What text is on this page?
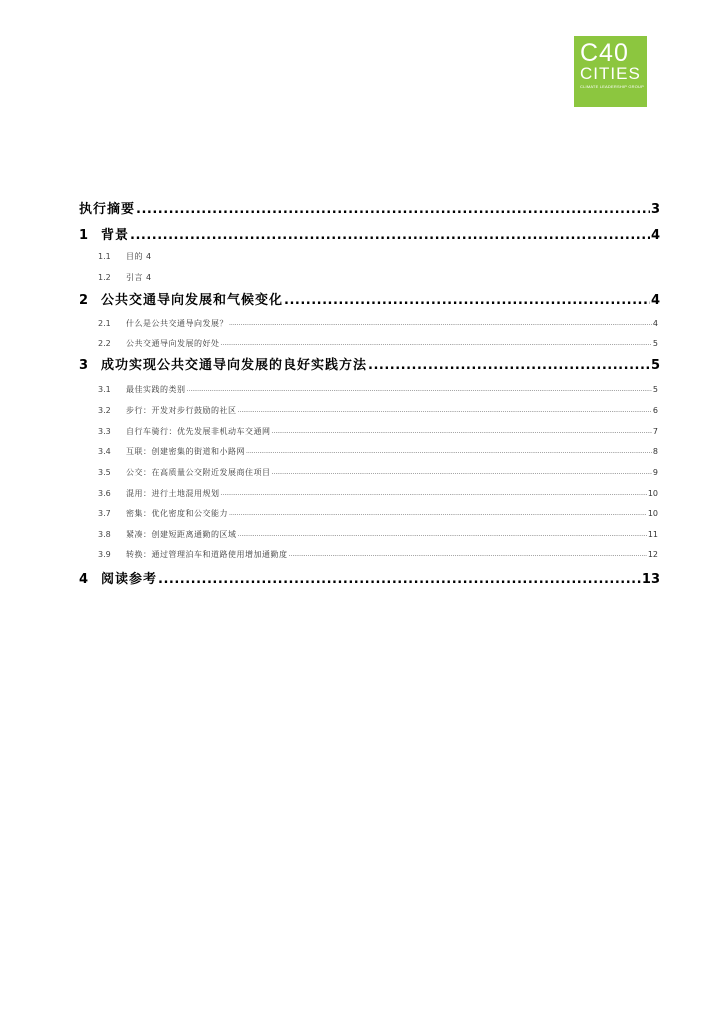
C40
CITIES
CLIMATE LEADERSHIP GROUP
执行摘要 .....	3
1 背景 .....	4
1.1	目的 4
1.2	引言 4
2 公共交通导向发展和气候变化 .....	4
2.1	什么是公共交通导向发展？ .....	4
2.2	公共交通导向发展的好处 .....	5
3 成功实现公共交通导向发展的良好实践方法 .....	5
3.1	最佳实践的类别 .....	5
3.2	步行：开发对步行鼓励的社区 .....	6
3.3	自行车骑行：优先发展非机动车交通网 .....	7
3.4	互联：创建密集的街道和小路网 .....	8
3.5	公交：在高质量公交附近发展商住项目 .....	9
3.6	混用：进行土地混用规划 .....	10
3.7	密集：优化密度和公交能力 .....	10
3.8	紧凑：创建短距离通勤的区域 .....	11
3.9	转换：通过管理泊车和道路使用增加通勤度 .....	12
4 阅读参考 .....	13
